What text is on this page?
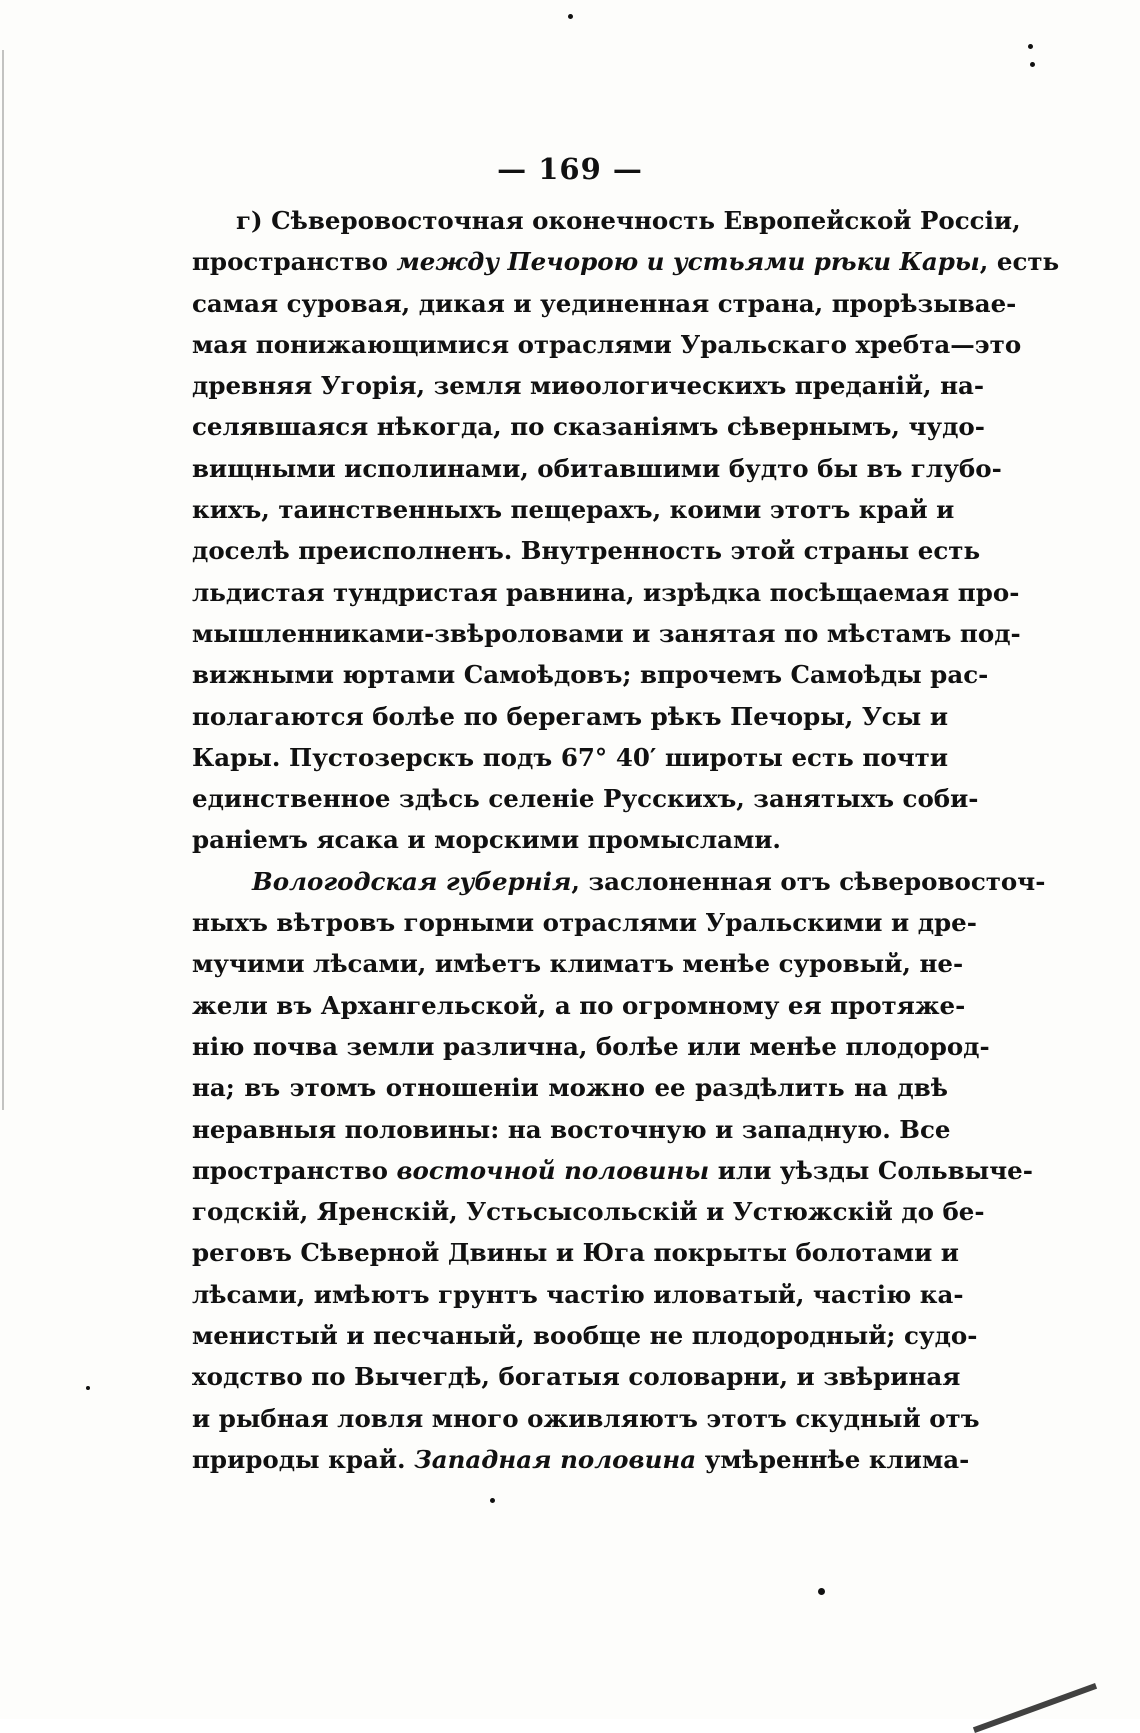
— 169 —
г) Сѣверовосточная оконечность Европейской Россіи,
пространство между Печорою и устьями рѣки Кары, есть
самая суровая, дикая и уединенная страна, прорѣзывае-
мая понижающимися отраслями Уральскаго хребта—это
древняя Угорія, земля миѳологическихъ преданій, на-
селявшаяся нѣкогда, по сказаніямъ сѣвернымъ, чудо-
вищными исполинами, обитавшими будто бы въ глубо-
кихъ, таинственныхъ пещерахъ, коими этотъ край и
доселѣ преисполненъ. Внутренность этой страны есть
льдистая тундристая равнина, изрѣдка посѣщаемая про-
мышленниками-звѣроловами и занятая по мѣстамъ под-
вижными юртами Самоѣдовъ; впрочемъ Самоѣды рас-
полагаются болѣе по берегамъ рѣкъ Печоры, Усы и
Кары. Пустозерскъ подъ 67° 40′ широты есть почти
единственное здѣсь селеніе Русскихъ, занятыхъ соби-
раніемъ ясака и морскими промыслами.
Вологодская губернія, заслоненная отъ сѣверовосточ-
ныхъ вѣтровъ горными отраслями Уральскими и дре-
мучими лѣсами, имѣетъ климатъ менѣе суровый, не-
жели въ Архангельской, а по огромному ея протяже-
нію почва земли различна, болѣе или менѣе плодород-
на; въ этомъ отношеніи можно ее раздѣлить на двѣ
неравныя половины: на восточную и западную. Все
пространство восточной половины или уѣзды Сольвыче-
годскій, Яренскій, Устьсысольскій и Устюжскій до бе-
реговъ Сѣверной Двины и Юга покрыты болотами и
лѣсами, имѣютъ грунтъ частію иловатый, частію ка-
менистый и песчаный, вообще не плодородный; судо-
ходство по Вычегдѣ, богатыя соловарни, и звѣриная
и рыбная ловля много оживляютъ этотъ скудный отъ
природы край. Западная половина умѣреннѣе клима-
